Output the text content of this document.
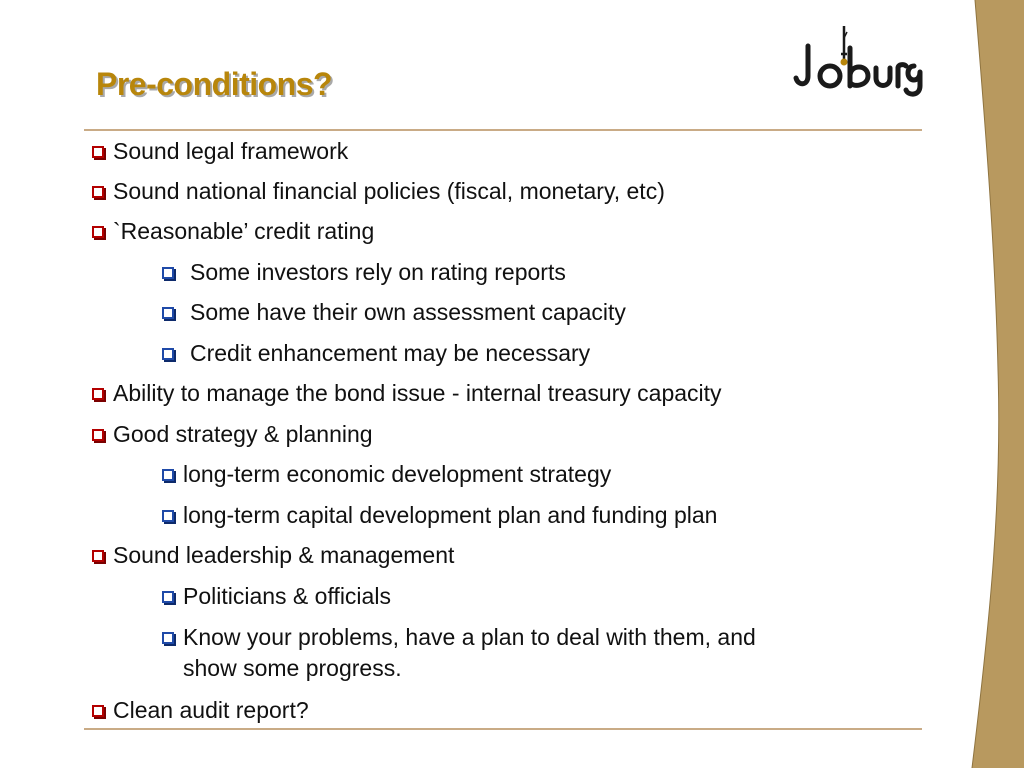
Pre-conditions?
Sound legal framework
Sound national financial policies (fiscal, monetary, etc)
`Reasonable’ credit rating
Some investors rely on rating reports
Some have their own assessment capacity
Credit enhancement may be necessary
Ability to manage the bond issue - internal treasury capacity
Good strategy & planning
long-term economic development strategy
long-term capital development plan and funding plan
Sound leadership & management
Politicians & officials
Know your problems, have a plan to deal with them, and
show some progress.
Clean audit report?
